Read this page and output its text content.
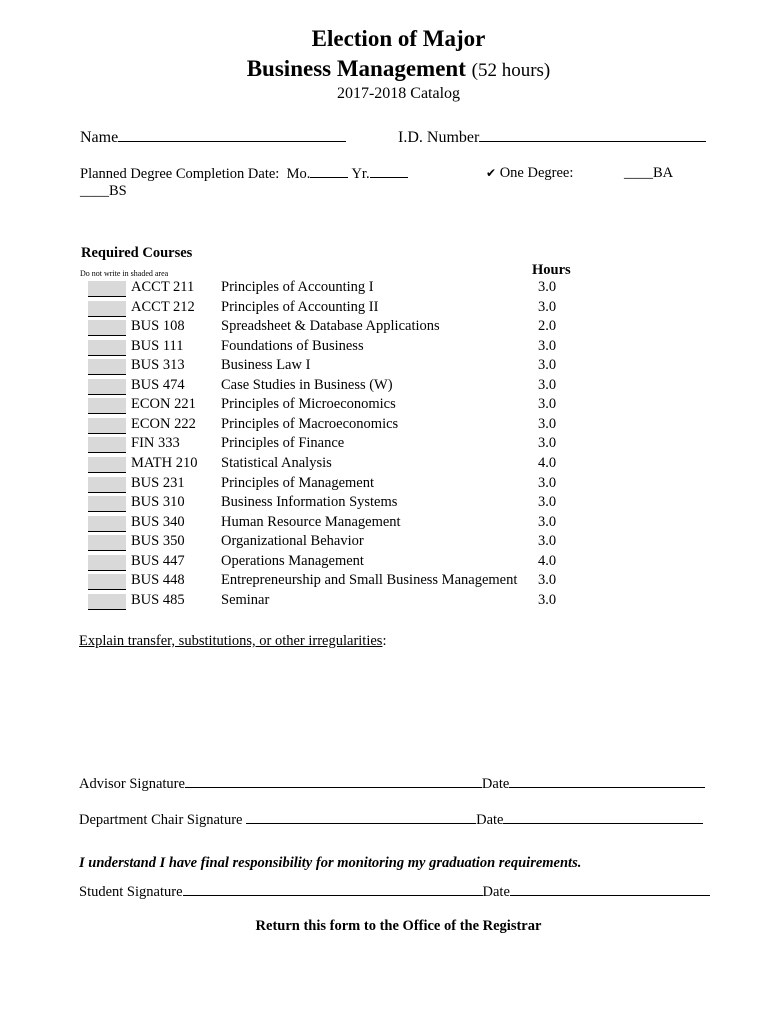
Election of Major
Business Management (52 hours)
2017-2018 Catalog
Name	I.D. Number
Planned Degree Completion Date: Mo.	Yr.	✔ One Degree:	____BA
____BS
Required Courses
Do not write in shaded area	Hours
ACCT 211 Principles of Accounting I	3.0
ACCT 212 Principles of Accounting II	3.0
BUS 108	Spreadsheet & Database Applications	2.0
BUS 111	Foundations of Business	3.0
BUS 313	Business Law I	3.0
BUS 474	Case Studies in Business (W)	3.0
ECON 221 Principles of Microeconomics	3.0
ECON 222 Principles of Macroeconomics	3.0
FIN 333	Principles of Finance	3.0
MATH 210 Statistical Analysis	4.0
BUS 231	Principles of Management	3.0
BUS 310	Business Information Systems	3.0
BUS 340	Human Resource Management	3.0
BUS 350	Organizational Behavior	3.0
BUS 447	Operations Management	4.0
BUS 448	Entrepreneurship and Small Business Management 3.0
BUS 485	Seminar	3.0
Explain transfer, substitutions, or other irregularities:
Advisor Signature	Date
Department Chair Signature	Date
I understand I have final responsibility for monitoring my graduation requirements.
Student Signature	Date
Return this form to the Office of the Registrar
